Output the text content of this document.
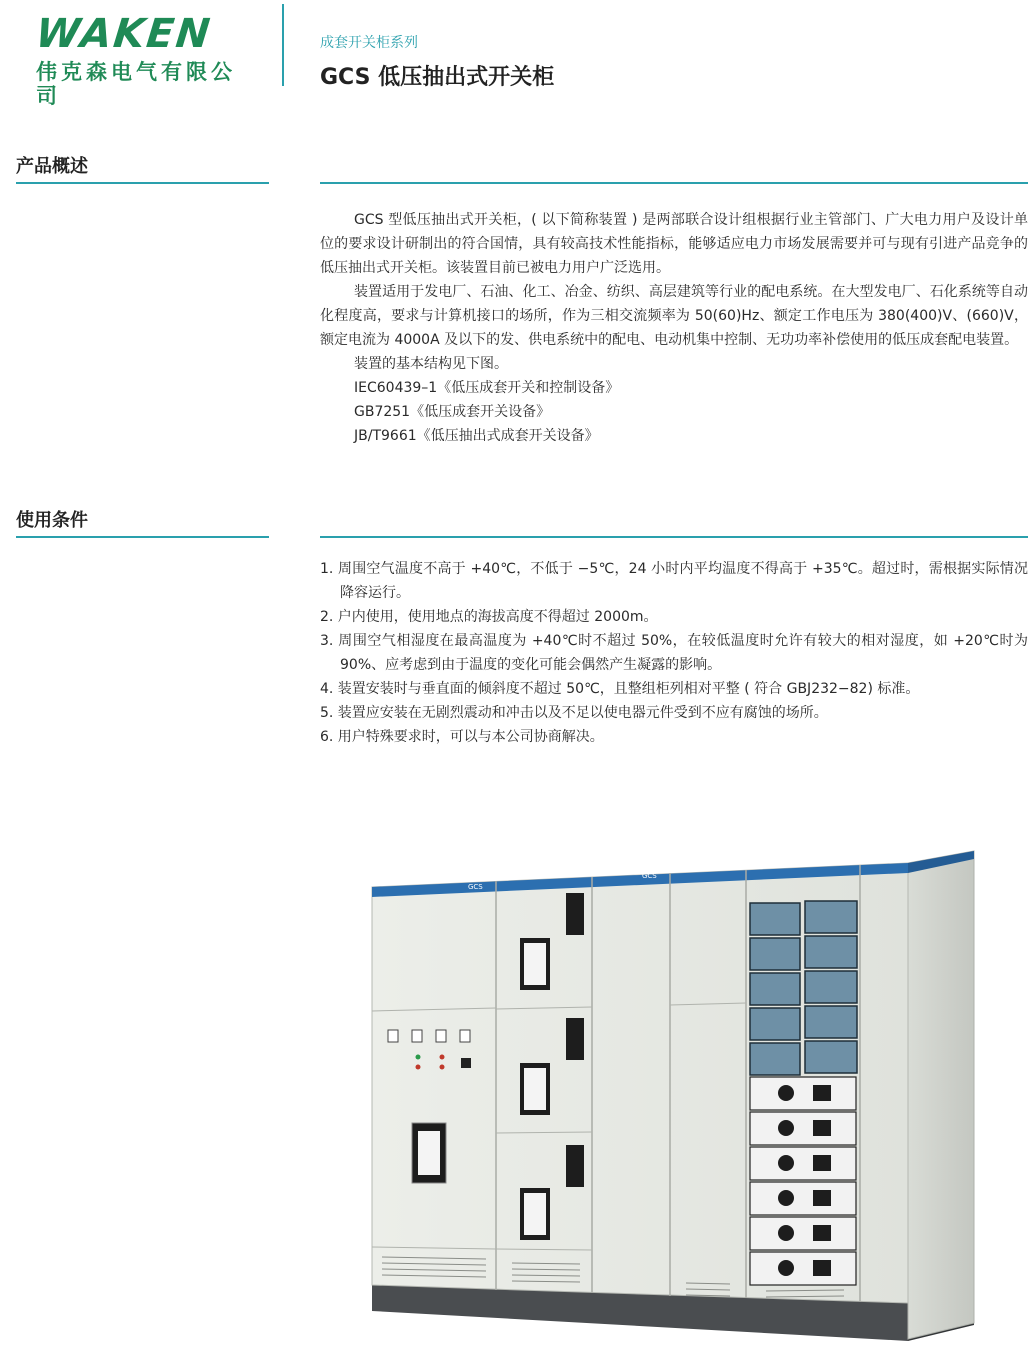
WAKEN
伟克森电气有限公司
成套开关柜系列
GCS 低压抽出式开关柜
产品概述

GCS 型低压抽出式开关柜，( 以下简称装置 ) 是两部联合设计组根据行业主管部门、广大电力用户及设计单位的要求设计研制出的符合国情，具有较高技术性能指标，能够适应电力市场发展需要并可与现有引进产品竞争的低压抽出式开关柜。该装置目前已被电力用户广泛选用。

装置适用于发电厂、石油、化工、冶金、纺织、高层建筑等行业的配电系统。在大型发电厂、石化系统等自动化程度高，要求与计算机接口的场所，作为三相交流频率为 50(60)Hz、额定工作电压为 380(400)V、(660)V，额定电流为 4000A 及以下的发、供电系统中的配电、电动机集中控制、无功功率补偿使用的低压成套配电装置。

装置的基本结构见下图。

IEC60439–1《低压成套开关和控制设备》

GB7251《低压成套开关设备》

JB/T9661《低压抽出式成套开关设备》

使用条件

1. 周围空气温度不高于 +40℃，不低于 −5℃，24 小时内平均温度不得高于 +35℃。超过时，需根据实际情况降容运行。

2. 户内使用，使用地点的海拔高度不得超过 2000m。

3. 周围空气相湿度在最高温度为 +40℃时不超过 50%，在较低温度时允许有较大的相对湿度，如 +20℃时为 90%、应考虑到由于温度的变化可能会偶然产生凝露的影响。

4. 装置安装时与垂直面的倾斜度不超过 50℃，且整组柜列相对平整 ( 符合 GBJ232−82) 标准。

5. 装置应安装在无剧烈震动和冲击以及不足以使电器元件受到不应有腐蚀的场所。

6. 用户特殊要求时，可以与本公司协商解决。

GCS
GCS
GCS
